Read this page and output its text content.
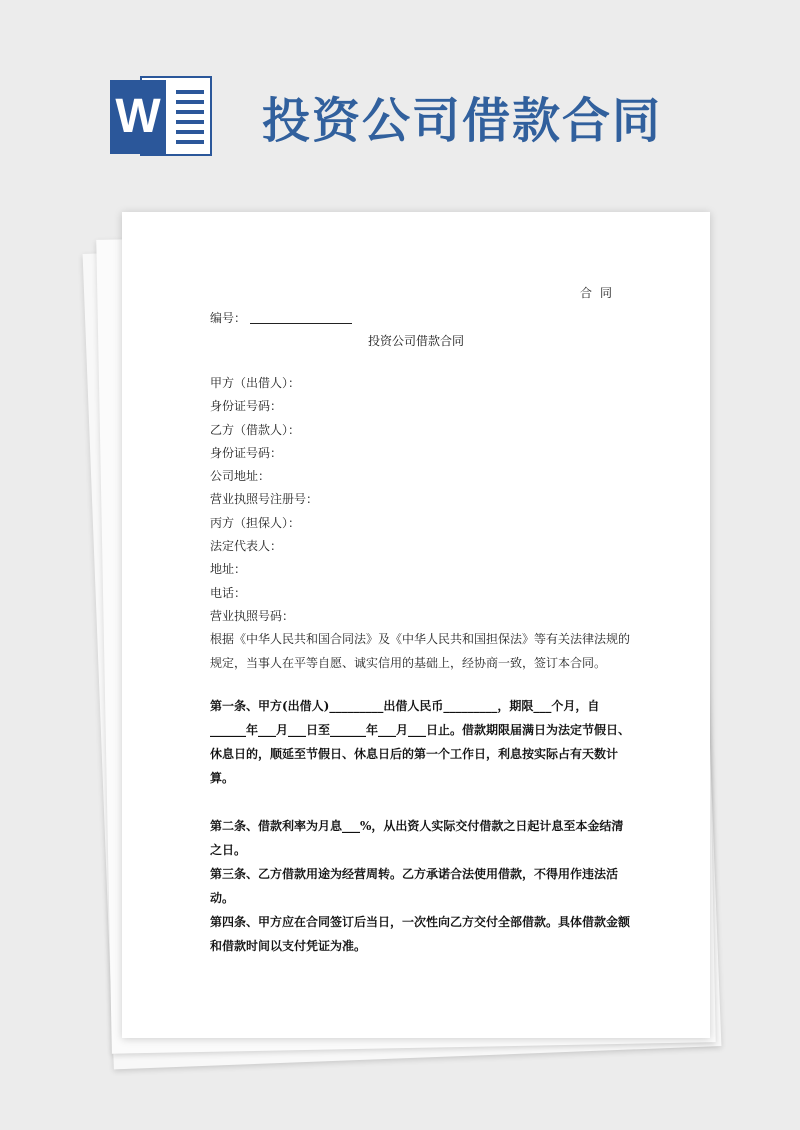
W 投资公司借款合同
合同
编号：
投资公司借款合同
甲方（出借人）：
身份证号码：
乙方（借款人）：
身份证号码：
公司地址：
营业执照号注册号：
丙方（担保人）：
法定代表人：
地址：
电话：
营业执照号码：
根据《中华人民共和国合同法》及《中华人民共和国担保法》等有关法律法规的规定，当事人在平等自愿、诚实信用的基础上，经协商一致，签订本合同。

第一条、甲方(出借人)_________出借人民币_________，期限___个月，自______年___月___日至______年___月___日止。借款期限届满日为法定节假日、休息日的，顺延至节假日、休息日后的第一个工作日，利息按实际占有天数计算。

第二条、借款利率为月息___%，从出资人实际交付借款之日起计息至本金结清之日。

第三条、乙方借款用途为经营周转。乙方承诺合法使用借款，不得用作违法活动。

第四条、甲方应在合同签订后当日，一次性向乙方交付全部借款。具体借款金额和借款时间以支付凭证为准。
